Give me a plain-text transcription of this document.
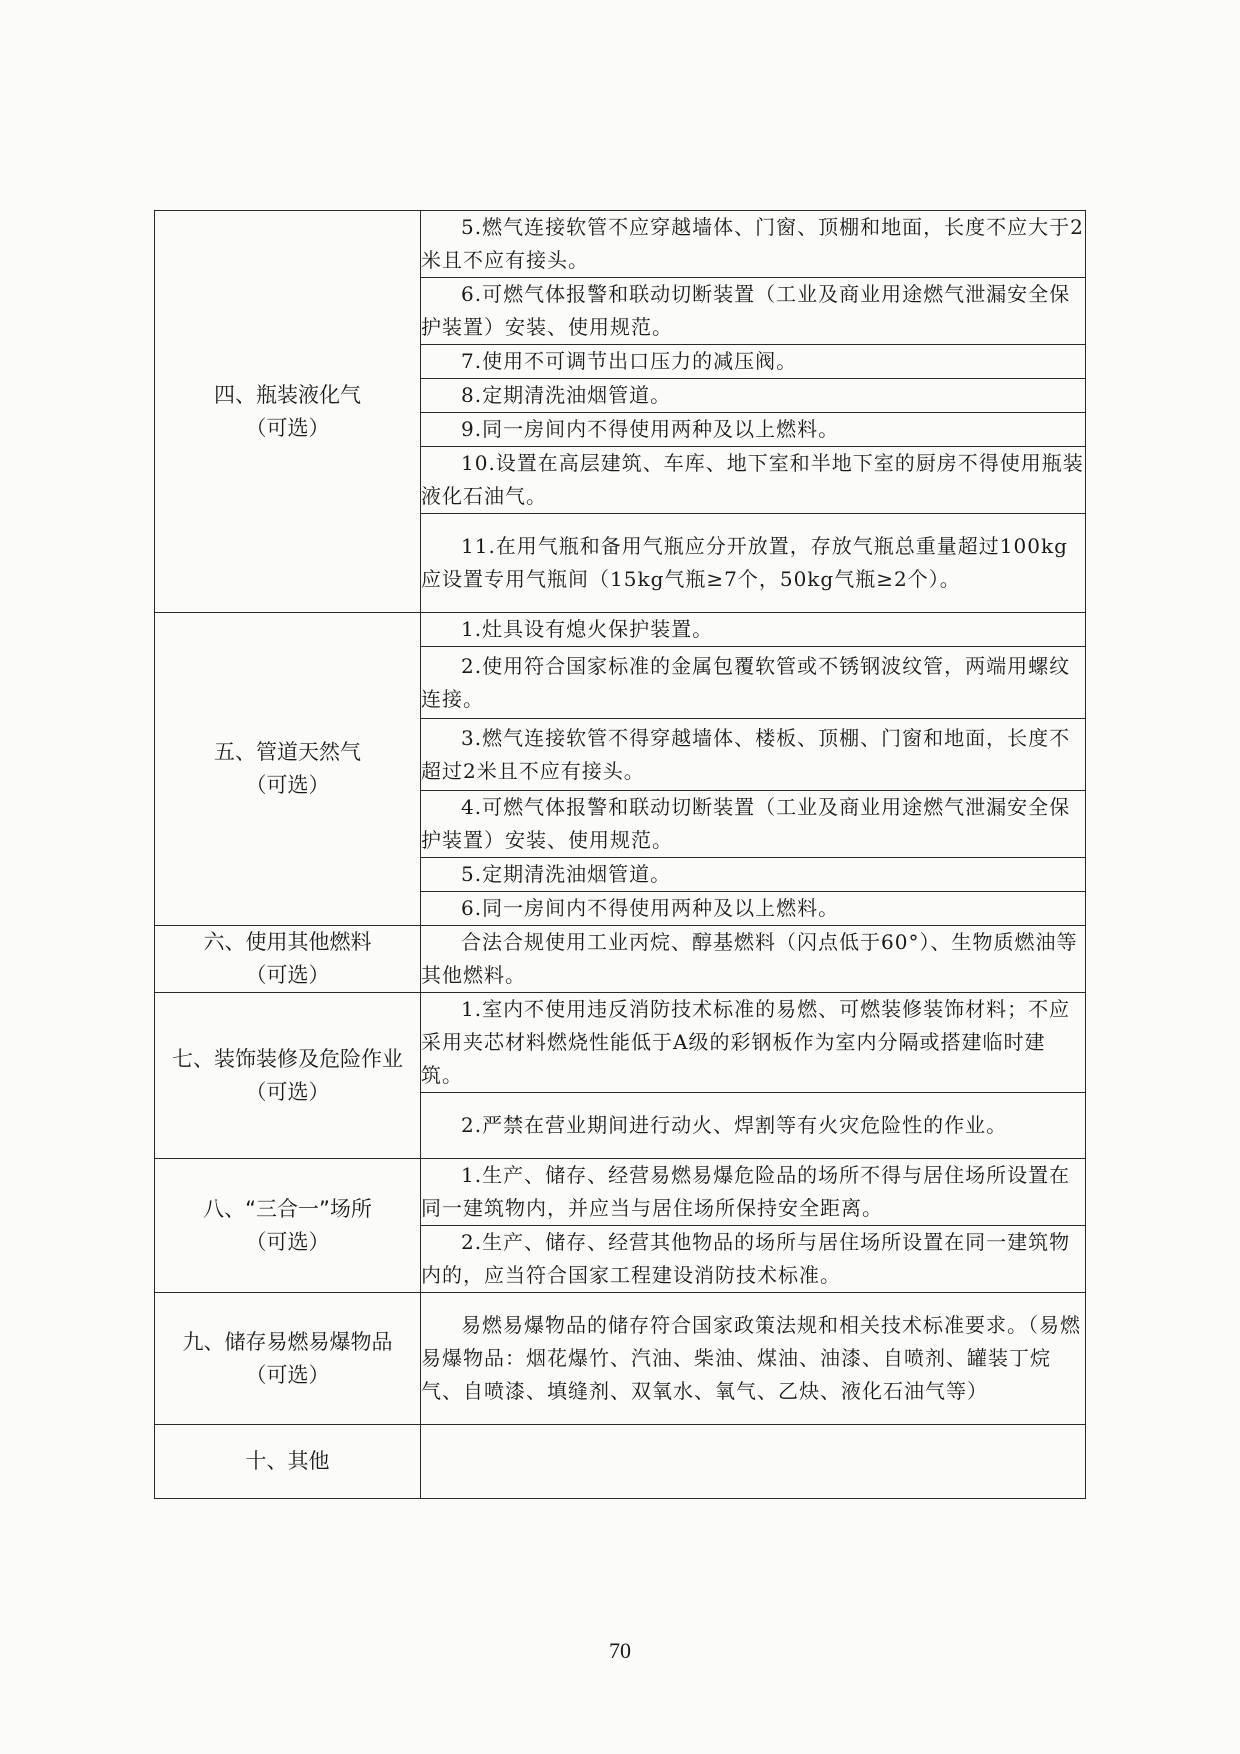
四、瓶装液化气
（可选）	5.燃气连接软管不应穿越墙体、门窗、顶棚和地面，长度不应大于2米且不应有接头。

	6.可燃气体报警和联动切断装置（工业及商业用途燃气泄漏安全保护装置）安装、使用规范。

	7.使用不可调节出口压力的减压阀。

	8.定期清洗油烟管道。

	9.同一房间内不得使用两种及以上燃料。

	10.设置在高层建筑、车库、地下室和半地下室的厨房不得使用瓶装液化石油气。

	11.在用气瓶和备用气瓶应分开放置，存放气瓶总重量超过100kg应设置专用气瓶间（15kg气瓶≥7个，50kg气瓶≥2个）。

五、管道天然气
（可选）	1.灶具设有熄火保护装置。

	2.使用符合国家标准的金属包覆软管或不锈钢波纹管，两端用螺纹连接。

	3.燃气连接软管不得穿越墙体、楼板、顶棚、门窗和地面，长度不超过2米且不应有接头。

	4.可燃气体报警和联动切断装置（工业及商业用途燃气泄漏安全保护装置）安装、使用规范。

	5.定期清洗油烟管道。

	6.同一房间内不得使用两种及以上燃料。

六、使用其他燃料
（可选）	合法合规使用工业丙烷、醇基燃料（闪点低于60°）、生物质燃油等其他燃料。

七、装饰装修及危险作业
（可选）	1.室内不使用违反消防技术标准的易燃、可燃装修装饰材料；不应采用夹芯材料燃烧性能低于A级的彩钢板作为室内分隔或搭建临时建筑。

	2.严禁在营业期间进行动火、焊割等有火灾危险性的作业。

八、“三合一”场所
（可选）	1.生产、储存、经营易燃易爆危险品的场所不得与居住场所设置在同一建筑物内，并应当与居住场所保持安全距离。

	2.生产、储存、经营其他物品的场所与居住场所设置在同一建筑物内的，应当符合国家工程建设消防技术标准。

九、储存易燃易爆物品
（可选）	易燃易爆物品的储存符合国家政策法规和相关技术标准要求。（易燃易爆物品：烟花爆竹、汽油、柴油、煤油、油漆、自喷剂、罐装丁烷气、自喷漆、填缝剂、双氧水、氧气、乙炔、液化石油气等）

十、其他	

70
